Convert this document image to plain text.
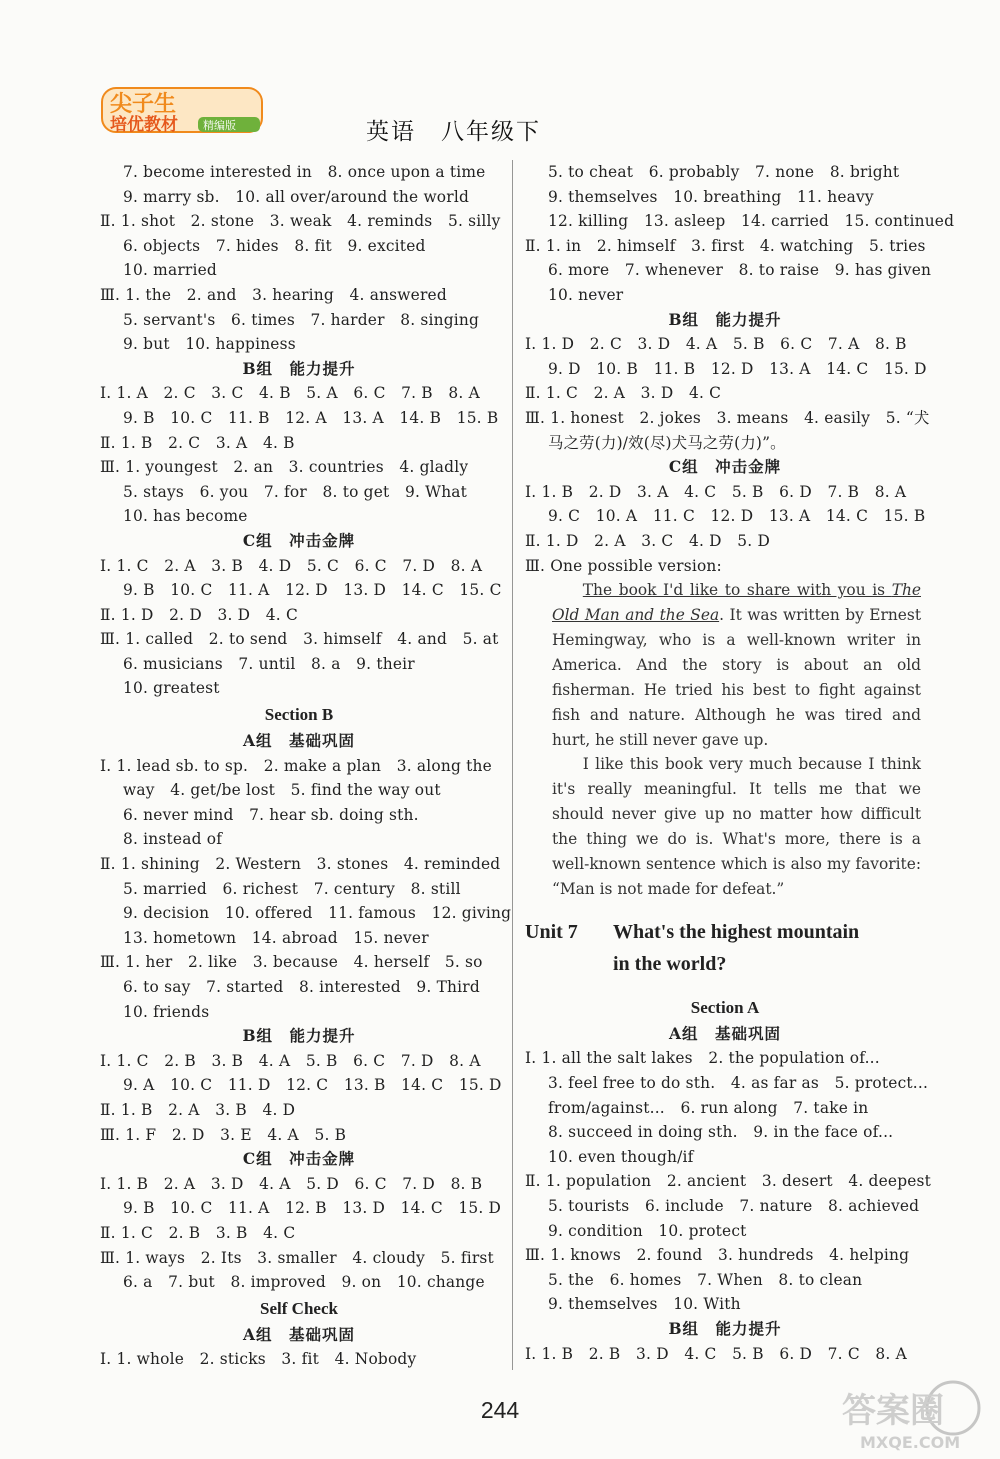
尖子生
培优教材 精编版	英语　八年级下
7. become interested in　8. once upon a time
9. marry sb.　10. all over/around the world
Ⅱ. 1. shot　2. stone　3. weak　4. reminds　5. silly
6. objects　7. hides　8. fit　9. excited
10. married
Ⅲ. 1. the　2. and　3. hearing　4. answered
5. servant's　6. times　7. harder　8. singing
9. but　10. happiness
B组　能力提升
Ⅰ. 1. A　2. C　3. C　4. B　5. A　6. C　7. B　8. A
9. B　10. C　11. B　12. A　13. A　14. B　15. B
Ⅱ. 1. B　2. C　3. A　4. B
Ⅲ. 1. youngest　2. an　3. countries　4. gladly
5. stays　6. you　7. for　8. to get　9. What
10. has become
C组　冲击金牌
Ⅰ. 1. C　2. A　3. B　4. D　5. C　6. C　7. D　8. A
9. B　10. C　11. A　12. D　13. D　14. C　15. C
Ⅱ. 1. D　2. D　3. D　4. C
Ⅲ. 1. called　2. to send　3. himself　4. and　5. at
6. musicians　7. until　8. a　9. their
10. greatest
Section B
A组　基础巩固
Ⅰ. 1. lead sb. to sp.　2. make a plan　3. along the
way　4. get/be lost　5. find the way out
6. never mind　7. hear sb. doing sth.
8. instead of
Ⅱ. 1. shining　2. Western　3. stones　4. reminded
5. married　6. richest　7. century　8. still
9. decision　10. offered　11. famous　12. giving
13. hometown　14. abroad　15. never
Ⅲ. 1. her　2. like　3. because　4. herself　5. so
6. to say　7. started　8. interested　9. Third
10. friends
B组　能力提升
Ⅰ. 1. C　2. B　3. B　4. A　5. B　6. C　7. D　8. A
9. A　10. C　11. D　12. C　13. B　14. C　15. D
Ⅱ. 1. B　2. A　3. B　4. D
Ⅲ. 1. F　2. D　3. E　4. A　5. B
C组　冲击金牌
Ⅰ. 1. B　2. A　3. D　4. A　5. D　6. C　7. D　8. B
9. B　10. C　11. A　12. B　13. D　14. C　15. D
Ⅱ. 1. C　2. B　3. B　4. C
Ⅲ. 1. ways　2. Its　3. smaller　4. cloudy　5. first
6. a　7. but　8. improved　9. on　10. change
Self Check
A组　基础巩固
Ⅰ. 1. whole　2. sticks　3. fit　4. Nobody
5. to cheat　6. probably　7. none　8. bright
9. themselves　10. breathing　11. heavy
12. killing　13. asleep　14. carried　15. continued
Ⅱ. 1. in　2. himself　3. first　4. watching　5. tries
6. more　7. whenever　8. to raise　9. has given
10. never
B组　能力提升
Ⅰ. 1. D　2. C　3. D　4. A　5. B　6. C　7. A　8. B
9. D　10. B　11. B　12. D　13. A　14. C　15. D
Ⅱ. 1. C　2. A　3. D　4. C
Ⅲ. 1. honest　2. jokes　3. means　4. easily　5. “犬
马之劳(力)/效(尽)犬马之劳(力)”。
C组　冲击金牌
Ⅰ. 1. B　2. D　3. A　4. C　5. B　6. D　7. B　8. A
9. C　10. A　11. C　12. D　13. A　14. C　15. B
Ⅱ. 1. D　2. A　3. C　4. D　5. D
Ⅲ. One possible version:

The book I'd like to share with you is The Old Man and the Sea. It was written by Ernest Hemingway, who is a well-known writer in America. And the story is about an old fisherman. He tried his best to fight against fish and nature. Although he was tired and hurt, he still never gave up.

I like this book very much because I think it's really meaningful. It tells me that we should never give up no matter how difficult the thing we do is. What's more, there is a well-known sentence which is also my favorite: “Man is not made for defeat.”

Unit 7 What's the highest mountain
in the world?
Section A
A组　基础巩固
Ⅰ. 1. all the salt lakes　2. the population of...
3. feel free to do sth.　4. as far as　5. protect...
from/against...　6. run along　7. take in
8. succeed in doing sth.　9. in the face of...
10. even though/if
Ⅱ. 1. population　2. ancient　3. desert　4. deepest
5. tourists　6. include　7. nature　8. achieved
9. condition　10. protect
Ⅲ. 1. knows　2. found　3. hundreds　4. helping
5. the　6. homes　7. When　8. to clean
9. themselves　10. With
B组　能力提升
Ⅰ. 1. B　2. B　3. D　4. C　5. B　6. D　7. C　8. A
244	答案圈
MXQE.COM
